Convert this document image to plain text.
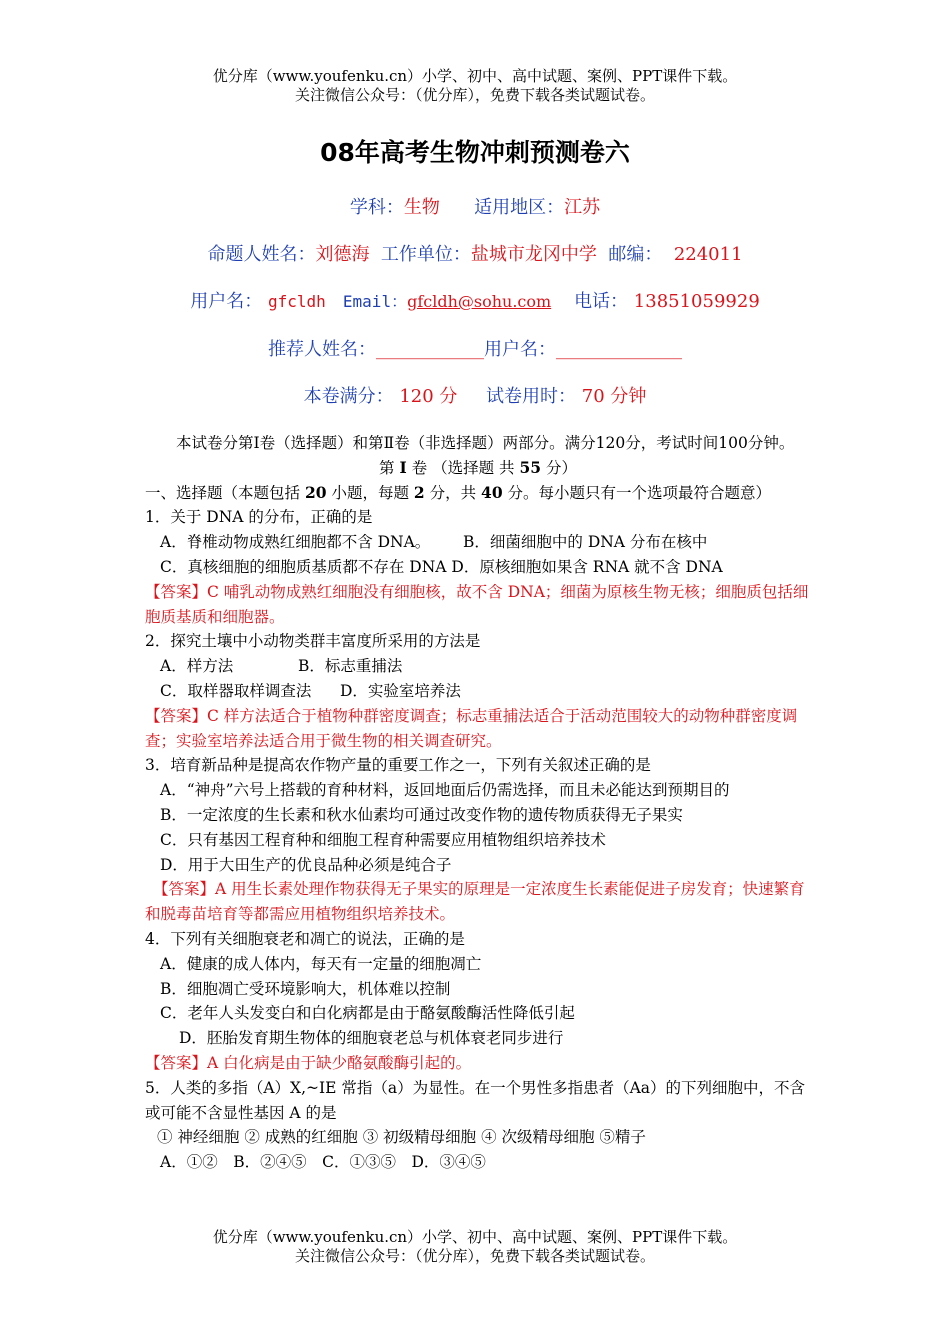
优分库（www.youfenku.cn）小学、初中、高中试题、案例、PPT课件下载。
关注微信公众号：（优分库），免费下载各类试题试卷。
08年高考生物冲刺预测卷六
学科：生物 适用地区：江苏
命题人姓名：刘德海 工作单位：盐城市龙冈中学 邮编： 224011
用户名： gfcldh Email：gfcldh@sohu.com 电话： 13851059929
推荐人姓名：____________用户名：______________
本卷满分： 120 分 试卷用时： 70 分钟

本试卷分第I卷（选择题）和第Ⅱ卷（非选择题）两部分。满分120分，考试时间100分钟。

第 I 卷 （选择题 共 55 分）

一、选择题（本题包括 20 小题，每题 2 分，共 40 分。每小题只有一个选项最符合题意）

1．关于 DNA 的分布，正确的是

A．脊椎动物成熟红细胞都不含 DNA。 B．细菌细胞中的 DNA 分布在核中

C．真核细胞的细胞质基质都不存在 DNA D．原核细胞如果含 RNA 就不含 DNA

【答案】C 哺乳动物成熟红细胞没有细胞核，故不含 DNA；细菌为原核生物无核；细胞质包括细胞质基质和细胞器。

2．探究土壤中小动物类群丰富度所采用的方法是

A．样方法	B．标志重捕法

C．取样器取样调查法 D．实验室培养法

【答案】C 样方法适合于植物种群密度调查；标志重捕法适合于活动范围较大的动物种群密度调查；实验室培养法适合用于微生物的相关调查研究。

3．培育新品种是提高农作物产量的重要工作之一，下列有关叙述正确的是

A．“神舟”六号上搭载的育种材料，返回地面后仍需选择，而且未必能达到预期目的

B．一定浓度的生长素和秋水仙素均可通过改变作物的遗传物质获得无子果实

C．只有基因工程育种和细胞工程育种需要应用植物组织培养技术

D．用于大田生产的优良品种必须是纯合子

【答案】A 用生长素处理作物获得无子果实的原理是一定浓度生长素能促进子房发育；快速繁育和脱毒苗培育等都需应用植物组织培养技术。

4．下列有关细胞衰老和凋亡的说法，正确的是

A．健康的成人体内，每天有一定量的细胞凋亡

B．细胞凋亡受环境影响大，机体难以控制

C．老年人头发变白和白化病都是由于酪氨酸酶活性降低引起

D．胚胎发育期生物体的细胞衰老总与机体衰老同步进行

【答案】A 白化病是由于缺少酪氨酸酶引起的。

5．人类的多指（A）X,~IE 常指（a）为显性。在一个男性多指患者（Aa）的下列细胞中，不含或可能不含显性基因 A 的是

① 神经细胞 ② 成熟的红细胞 ③ 初级精母细胞 ④ 次级精母细胞 ⑤精子

A．①②　B．②④⑤　C．①③⑤　D．③④⑤

优分库（www.youfenku.cn）小学、初中、高中试题、案例、PPT课件下载。
关注微信公众号：（优分库），免费下载各类试题试卷。
